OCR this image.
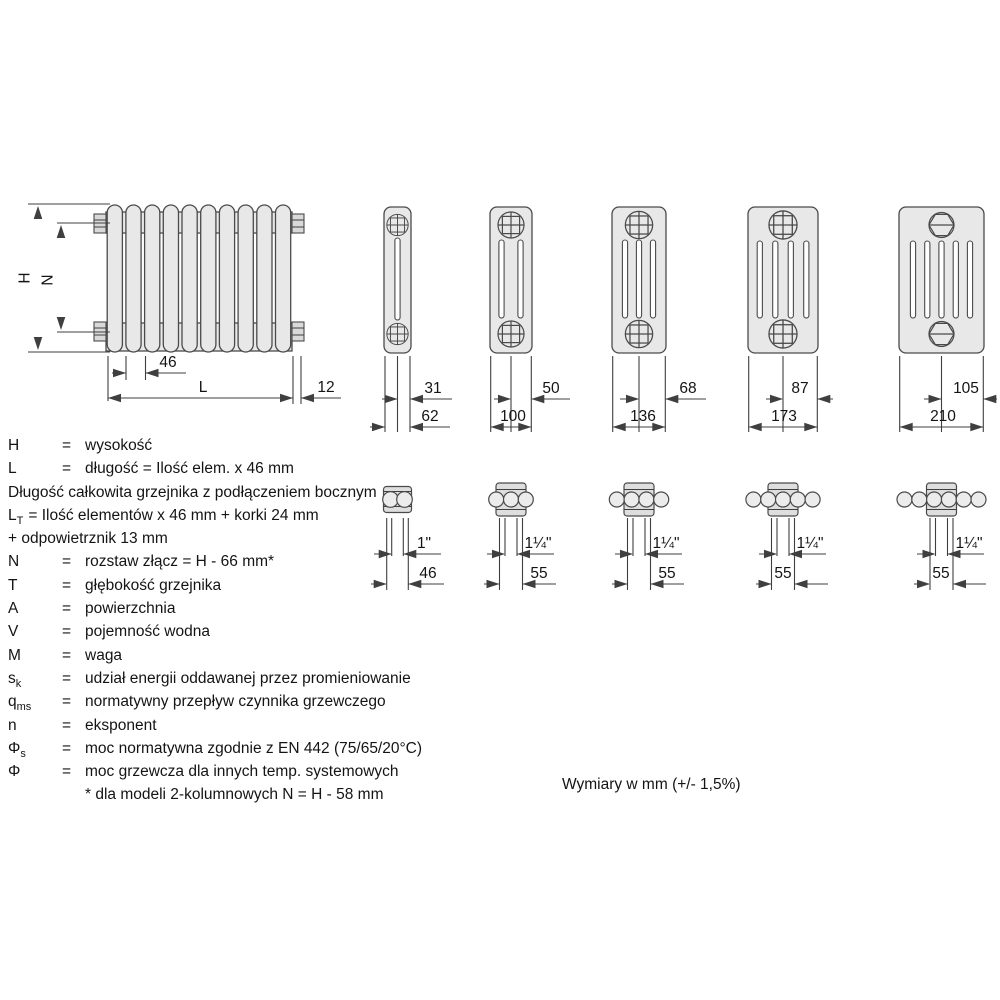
H N
46
L	12	31
62
50
100
68
136
87
173
105
210
1"
46
1¼"
55
1¼"
55
1¼"
55
1¼"
55
H	= wysokość
L	= długość = Ilość elem. x 46 mm
Długość całkowita grzejnika z podłączeniem bocznym
$L_T$ = Ilość elementów x 46 mm + korki 24 mm
+ odpowietrznik 13 mm
N	= rozstaw złącz = H - 66 mm*
T	= głębokość grzejnika
A	= powierzchnia
V	= pojemność wodna
M	= waga
$s_k$	= udział energii oddawanej przez promieniowanie
$q_{ms}$	= normatywny przepływ czynnika grzewczego
n	= eksponent
$\Phi_s$	= moc normatywna zgodnie z EN 442 (75/65/20°C)
Φ	= moc grzewcza dla innych temp. systemowych
* dla modeli 2-kolumnowych N = H - 58 mm
Wymiary w mm (+/- 1,5%)
